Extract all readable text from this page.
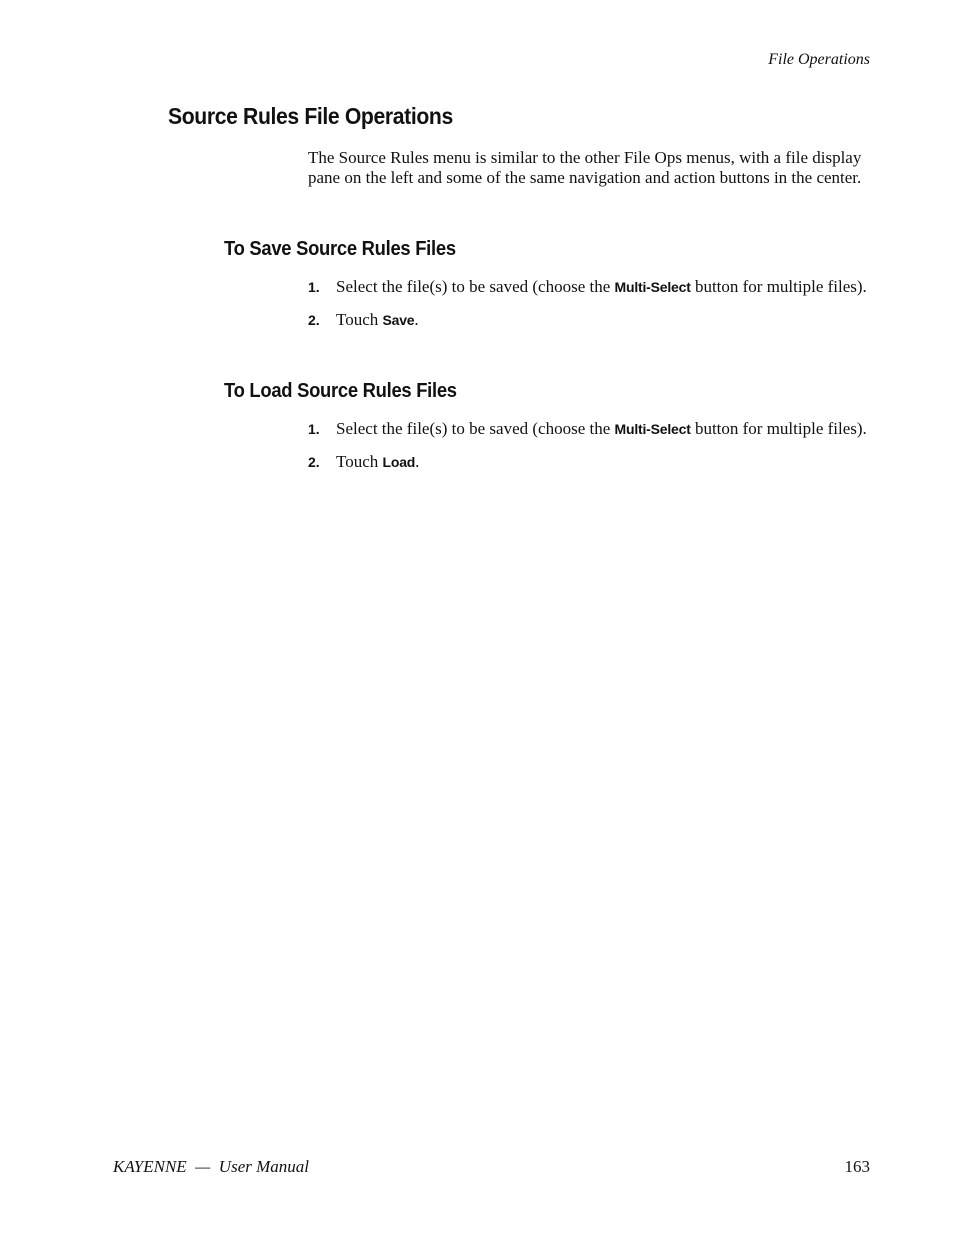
File Operations
Source Rules File Operations

The Source Rules menu is similar to the other File Ops menus, with a file display pane on the left and some of the same navigation and action buttons in the center.

To Save Source Rules Files
1. Select the file(s) to be saved (choose the Multi-Select button for multiple files).
2. Touch Save.
To Load Source Rules Files
1. Select the file(s) to be saved (choose the Multi-Select button for multiple files).
2. Touch Load.
KAYENNE  —  User Manual	163
